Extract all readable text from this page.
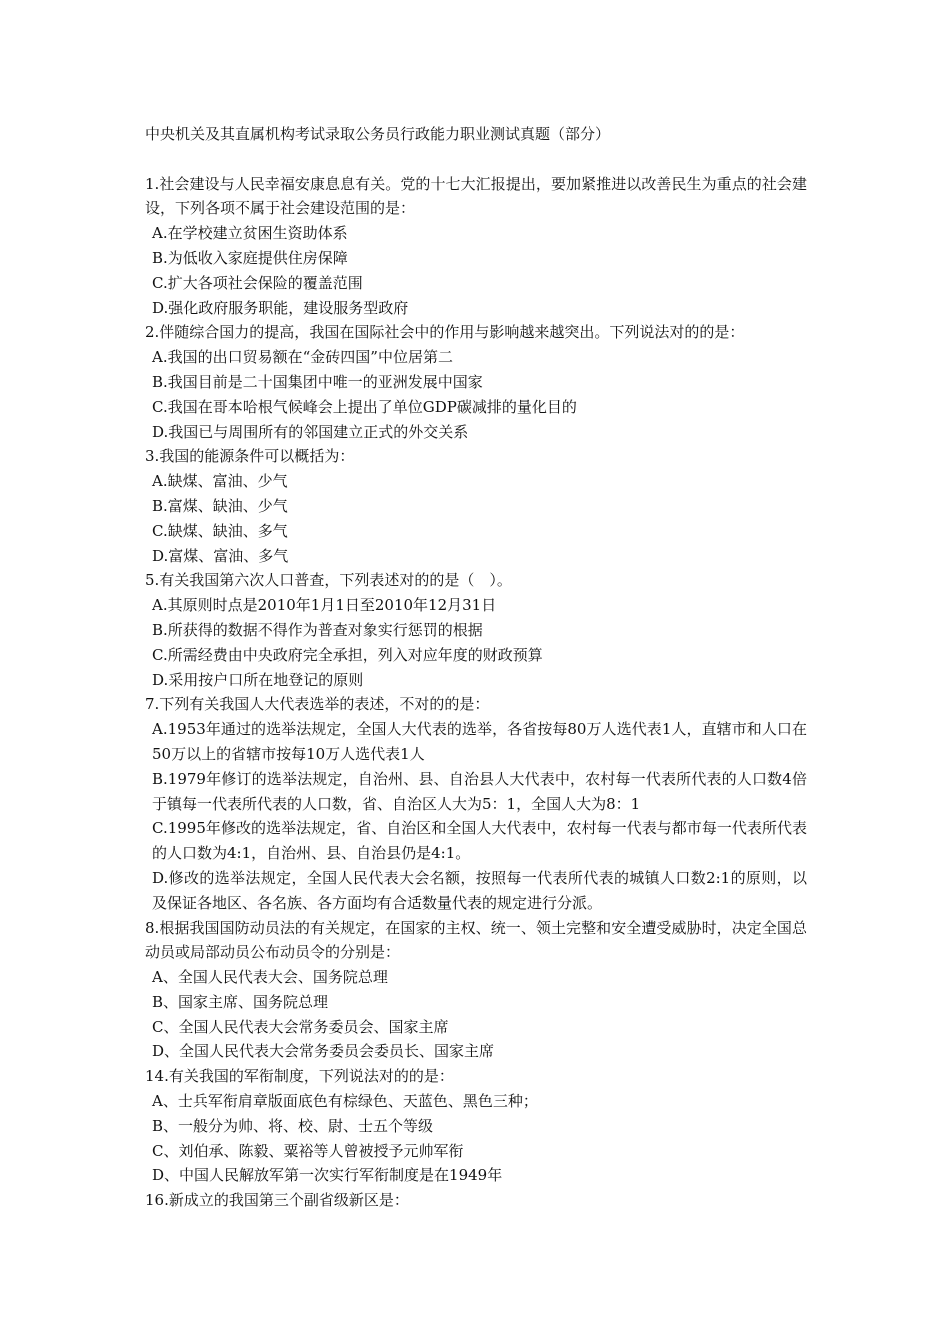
中央机关及其直属机构考试录取公务员行政能力职业测试真题（部分）

1.社会建设与人民幸福安康息息有关。党的十七大汇报提出，要加紧推进以改善民生为重点的社会建设，下列各项不属于社会建设范围的是：

A.在学校建立贫困生资助体系

B.为低收入家庭提供住房保障

C.扩大各项社会保险的覆盖范围

D.强化政府服务职能，建设服务型政府

2.伴随综合国力的提高，我国在国际社会中的作用与影响越来越突出。下列说法对的的是：

A.我国的出口贸易额在“金砖四国”中位居第二

B.我国目前是二十国集团中唯一的亚洲发展中国家

C.我国在哥本哈根气候峰会上提出了单位GDP碳减排的量化目的

D.我国已与周围所有的邻国建立正式的外交关系

3.我国的能源条件可以概括为：

A.缺煤、富油、少气

B.富煤、缺油、少气

C.缺煤、缺油、多气

D.富煤、富油、多气

5.有关我国第六次人口普查，下列表述对的的是（　）。

A.其原则时点是2010年1月1日至2010年12月31日

B.所获得的数据不得作为普查对象实行惩罚的根据

C.所需经费由中央政府完全承担，列入对应年度的财政预算

D.采用按户口所在地登记的原则

7.下列有关我国人大代表选举的表述，不对的的是：

A.1953年通过的选举法规定，全国人大代表的选举，各省按每80万人选代表1人，直辖市和人口在50万以上的省辖市按每10万人选代表1人

B.1979年修订的选举法规定，自治州、县、自治县人大代表中，农村每一代表所代表的人口数4倍于镇每一代表所代表的人口数，省、自治区人大为5：1，全国人大为8：1

C.1995年修改的选举法规定，省、自治区和全国人大代表中，农村每一代表与都市每一代表所代表的人口数为4:1，自治州、县、自治县仍是4:1。

D.修改的选举法规定，全国人民代表大会名额，按照每一代表所代表的城镇人口数2:1的原则，以及保证各地区、各名族、各方面均有合适数量代表的规定进行分派。

8.根据我国国防动员法的有关规定，在国家的主权、统一、领土完整和安全遭受威胁时，决定全国总动员或局部动员公布动员令的分别是：

A、全国人民代表大会、国务院总理

B、国家主席、国务院总理

C、全国人民代表大会常务委员会、国家主席

D、全国人民代表大会常务委员会委员长、国家主席

14.有关我国的军衔制度，下列说法对的的是：

A、士兵军衔肩章版面底色有棕绿色、天蓝色、黑色三种；

B、一般分为帅、将、校、尉、士五个等级

C、刘伯承、陈毅、粟裕等人曾被授予元帅军衔

D、中国人民解放军第一次实行军衔制度是在1949年

16.新成立的我国第三个副省级新区是：
